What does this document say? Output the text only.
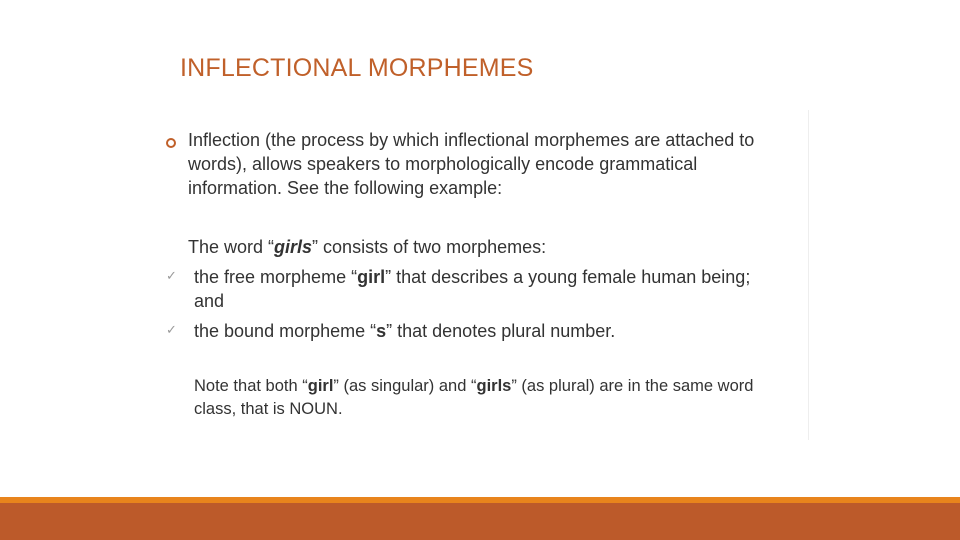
INFLECTIONAL MORPHEMES
Inflection (the process by which inflectional morphemes are attached to words), allows speakers to morphologically encode grammatical information. See the following example:
The word “girls” consists of two morphemes:
✓ the free morpheme “girl” that describes a young female human being; and
✓ the bound morpheme “s” that denotes plural number.
Note that both “girl” (as singular) and “girls” (as plural) are in the same word class, that is NOUN.
